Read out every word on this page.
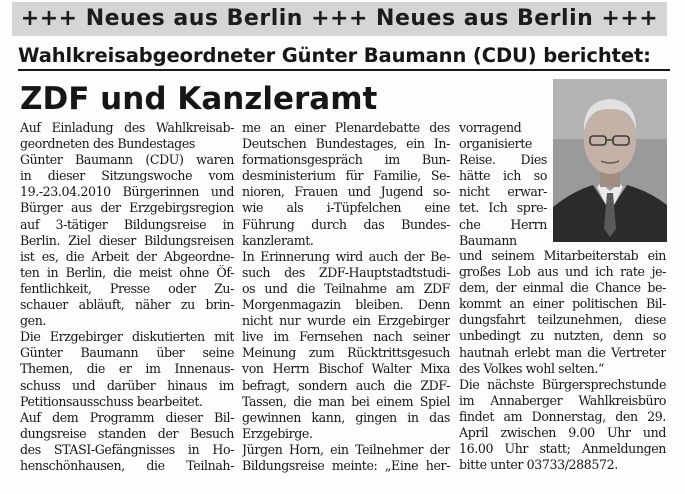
+++ Neues aus Berlin +++ Neues aus Berlin +++
Wahlkreisabgeordneter Günter Baumann (CDU) berichtet:
ZDF und Kanzleramt
Auf Einladung des Wahlkreisab-
geordneten des Bundestages
Günter Baumann (CDU) waren
in dieser Sitzungswoche vom
19.-23.04.2010 Bürgerinnen und
Bürger aus der Erzgebirgsregion
auf 3-tätiger Bildungsreise in
Berlin. Ziel dieser Bildungsreisen
ist es, die Arbeit der Abgeordne-
ten in Berlin, die meist ohne Öf-
fentlichkeit, Presse oder Zu-
schauer abläuft, näher zu brin-
gen.
Die Erzgebirger diskutierten mit
Günter Baumann über seine
Themen, die er im Innenaus-
schuss und darüber hinaus im
Petitionsausschuss bearbeitet.
Auf dem Programm dieser Bil-
dungsreise standen der Besuch
des STASI-Gefängnisses in Ho-
henschönhausen, die Teilnah-
me an einer Plenardebatte des
Deutschen Bundestages, ein In-
formationsgespräch im Bun-
desministerium für Familie, Se-
nioren, Frauen und Jugend so-
wie als i-Tüpfelchen eine
Führung durch das Bundes-
kanzleramt.
In Erinnerung wird auch der Be-
such des ZDF-Hauptstadtstudi-
os und die Teilnahme am ZDF
Morgenmagazin bleiben. Denn
nicht nur wurde ein Erzgebirger
live im Fernsehen nach seiner
Meinung zum Rücktrittsgesuch
von Herrn Bischof Walter Mixa
befragt, sondern auch die ZDF-
Tassen, die man bei einem Spiel
gewinnen kann, gingen in das
Erzgebirge.
Jürgen Horn, ein Teilnehmer der
Bildungsreise meinte: „Eine her-
vorragend
organisierte
Reise. Dies
hätte ich so
nicht erwar-
tet. Ich spre-
che Herrn
Baumann
und seinem Mitarbeiterstab ein
großes Lob aus und ich rate je-
dem, der einmal die Chance be-
kommt an einer politischen Bil-
dungsfahrt teilzunehmen, diese
unbedingt zu nutzten, denn so
hautnah erlebt man die Vertreter
des Volkes wohl selten.“
Die nächste Bürgersprechstunde
im Annaberger Wahlkreisbüro
findet am Donnerstag, den 29.
April zwischen 9.00 Uhr und
16.00 Uhr statt; Anmeldungen
bitte unter 03733/288572.
